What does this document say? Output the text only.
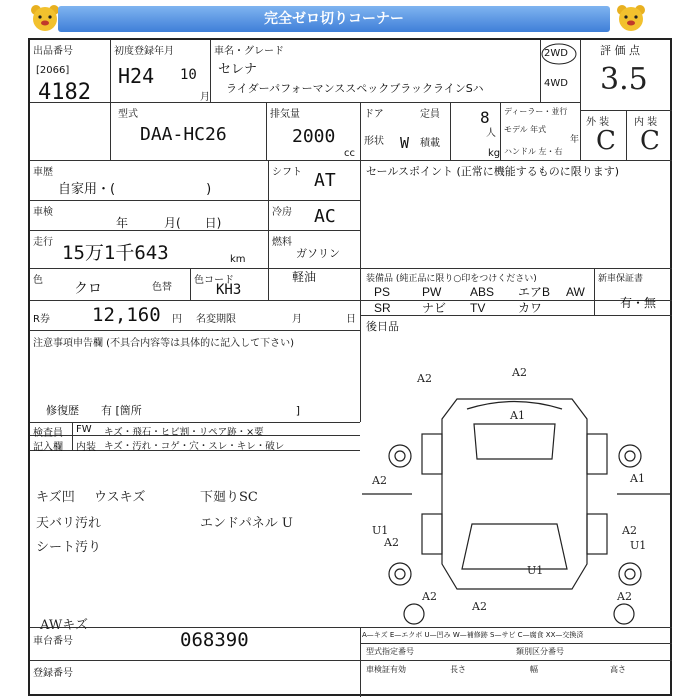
完全ゼロ切りコーナー
出品番号
[2066]
4182
初度登録年月
H24 10
月
車名・グレード
セレナ
ライダーパフォーマンススペックブラックラインSハ
2WD
4WD
評 価 点
3.5
外 装 内 装
C C
型式
DAA-HC26
排気量
2000
cc
ドア
形状 W
定員	8
人
積載
kg
ディーラー・並行
モデル 年式
年
ハンドル 左・右
車歴
自家用・(　　　　　　　)
シフト AT
車検
年　　　月(　　日)
冷房 AC
走行 15万1千643	km
燃料
ガソリン
軽油
色
クロ	色替
色コード
KH3
R券 12,160 円 名変期限	月	日
セールスポイント (正常に機能するものに限ります)
装備品 (純正品に限り○印をつけください)
PS	PW ABS エアB AW
SR	ナビ TV	カワ
新車保証書
有・無
後日品
注意事項申告欄 (不具合内容等は具体的に記入して下さい)
修復歴　　有 [箇所　　　　　　　　　　　　　　]
検査員 FW キズ・飛石・ヒビ割・リペア跡・×要
記入欄 内装 キズ・汚れ・コゲ・穴・スレ・キレ・破レ
キズ凹 ウスキズ	下廻りSC
天バリ汚れ	エンドパネル U
シート汚り
AWキズ
A2	A2
A1
A2	A1
U1
A2
A2
U1
A2	A2
A2
U1
車台番号	068390
登録番号
A—キズ E—エクボ U—凹み W—補修跡 S—サビ C—腐食 XX—交換済
型式指定番号	類別区分番号
車検証有効	長さ	幅	高さ
